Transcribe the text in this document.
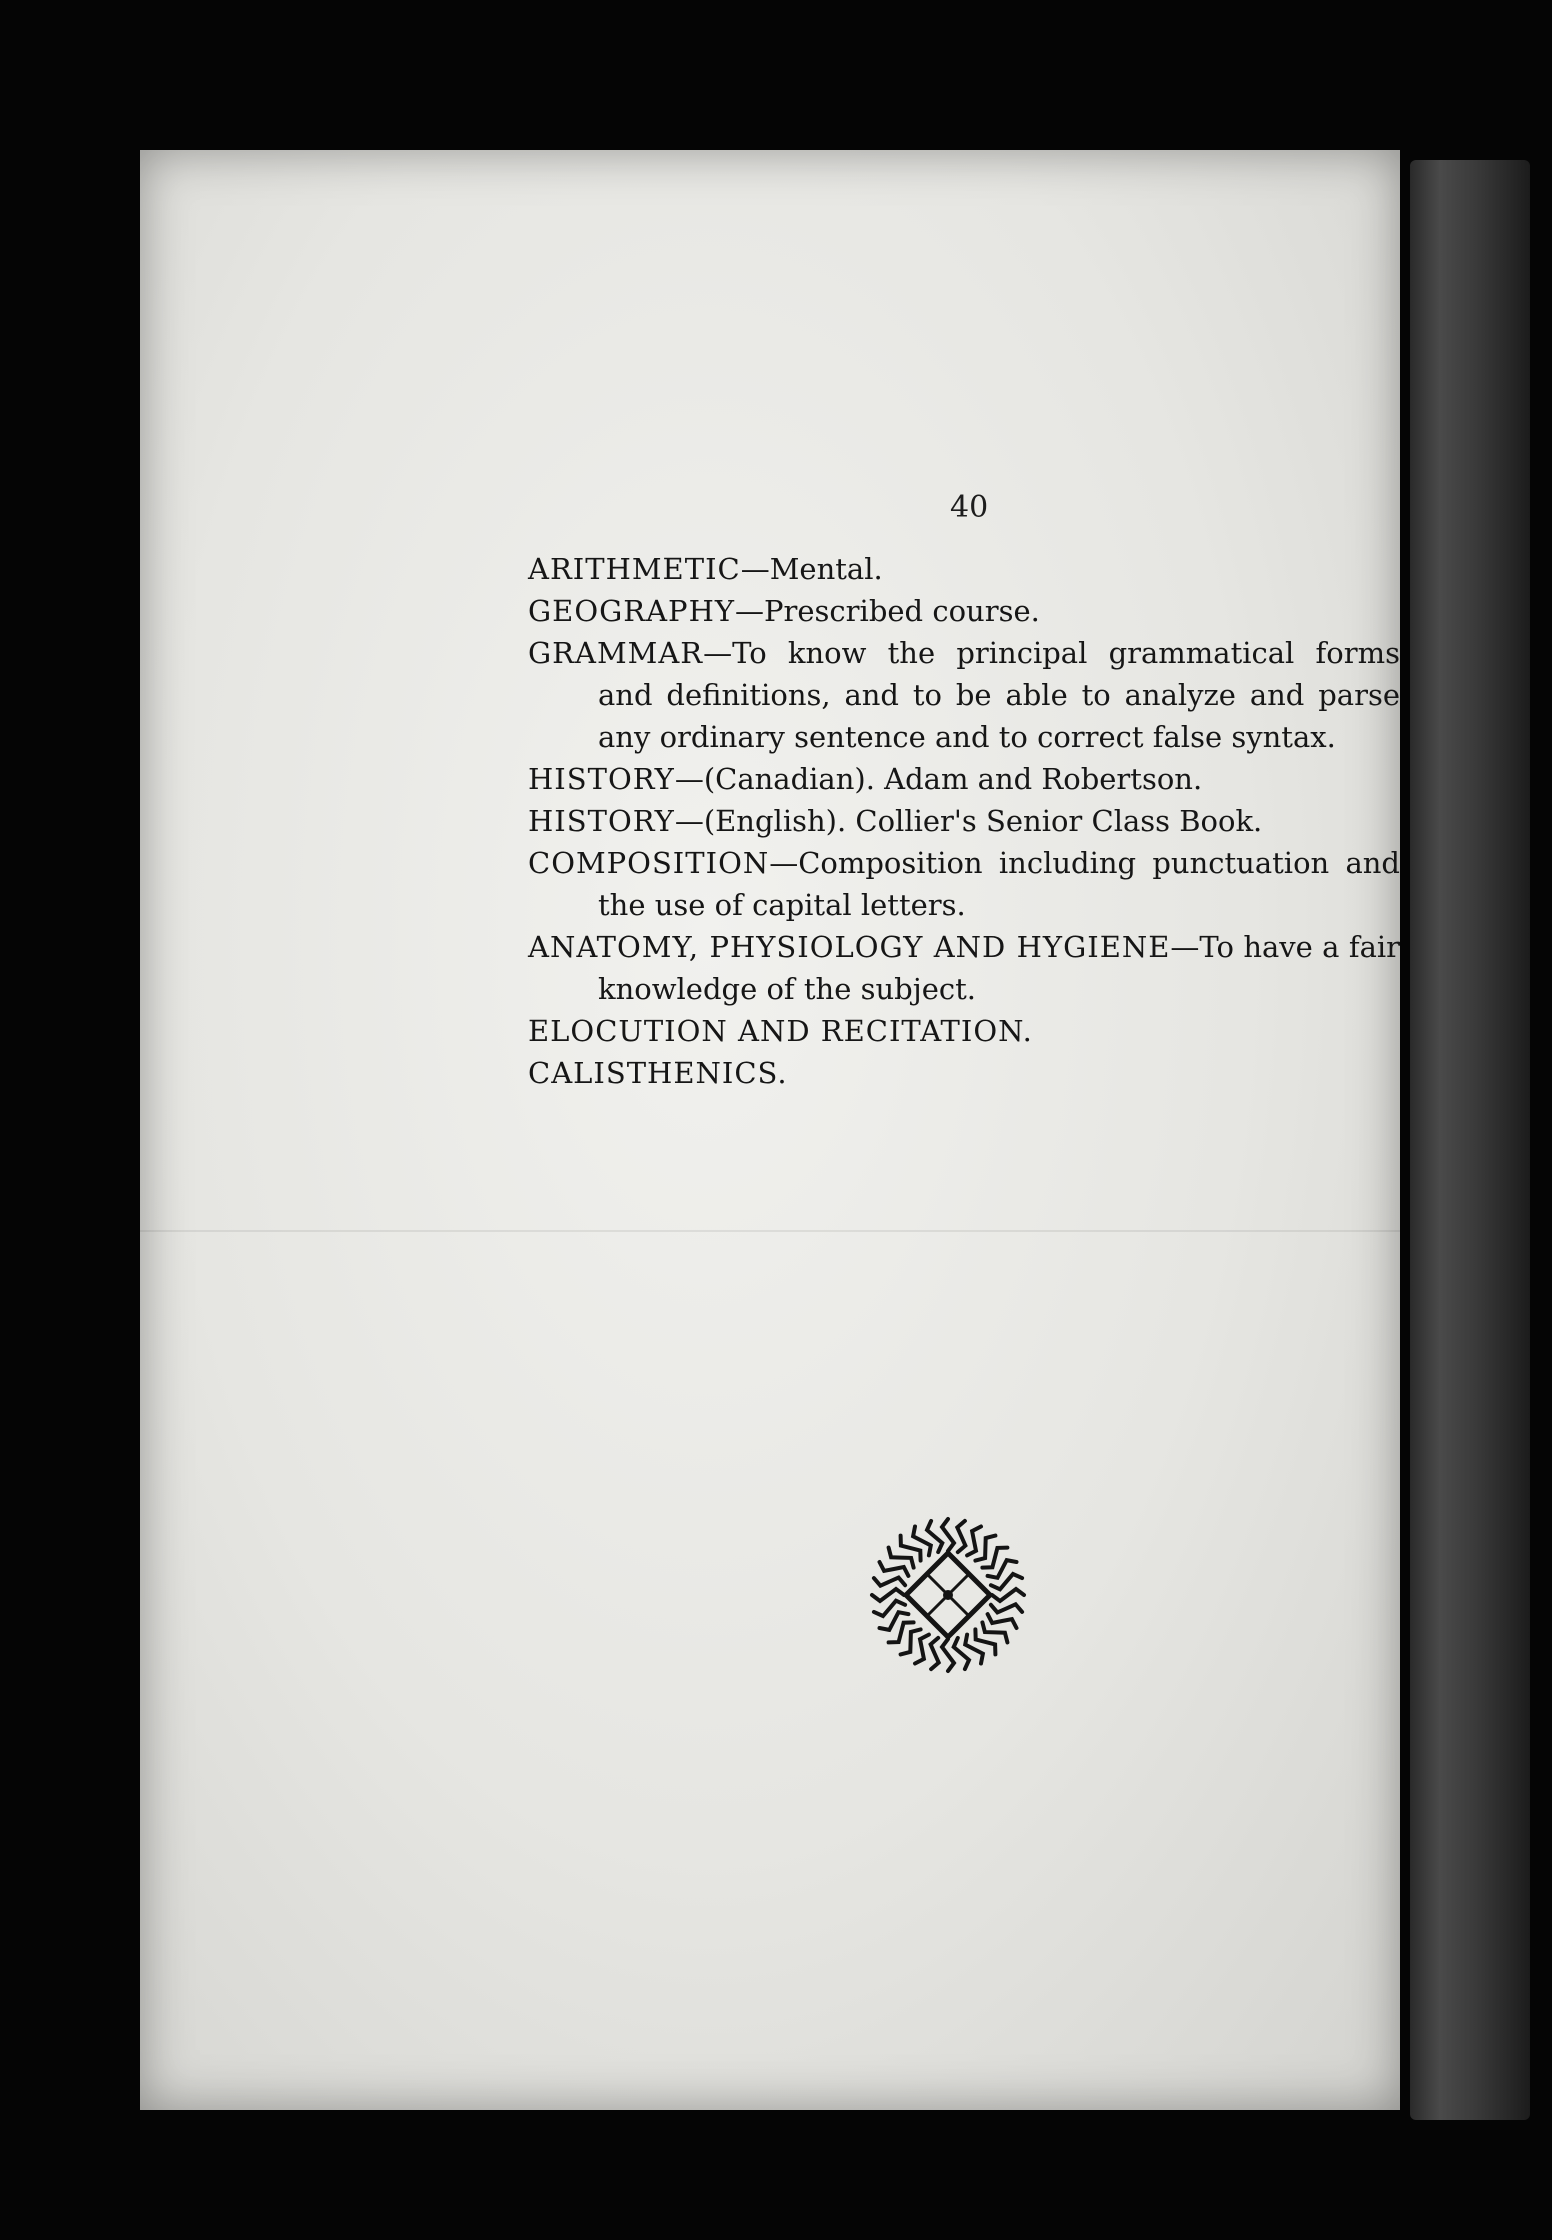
40

ARITHMETIC—Mental.

GEOGRAPHY—Prescribed course.

GRAMMAR—To know the principal grammatical forms and definitions, and to be able to analyze and parse any ordinary sentence and to correct false syntax.

HISTORY—(Canadian). Adam and Robertson.

HISTORY—(English). Collier's Senior Class Book.

COMPOSITION—Composition including punctuation and the use of capital letters.

ANATOMY, PHYSIOLOGY AND HYGIENE—To have a fair knowledge of the subject.

ELOCUTION AND RECITATION.

CALISTHENICS.
